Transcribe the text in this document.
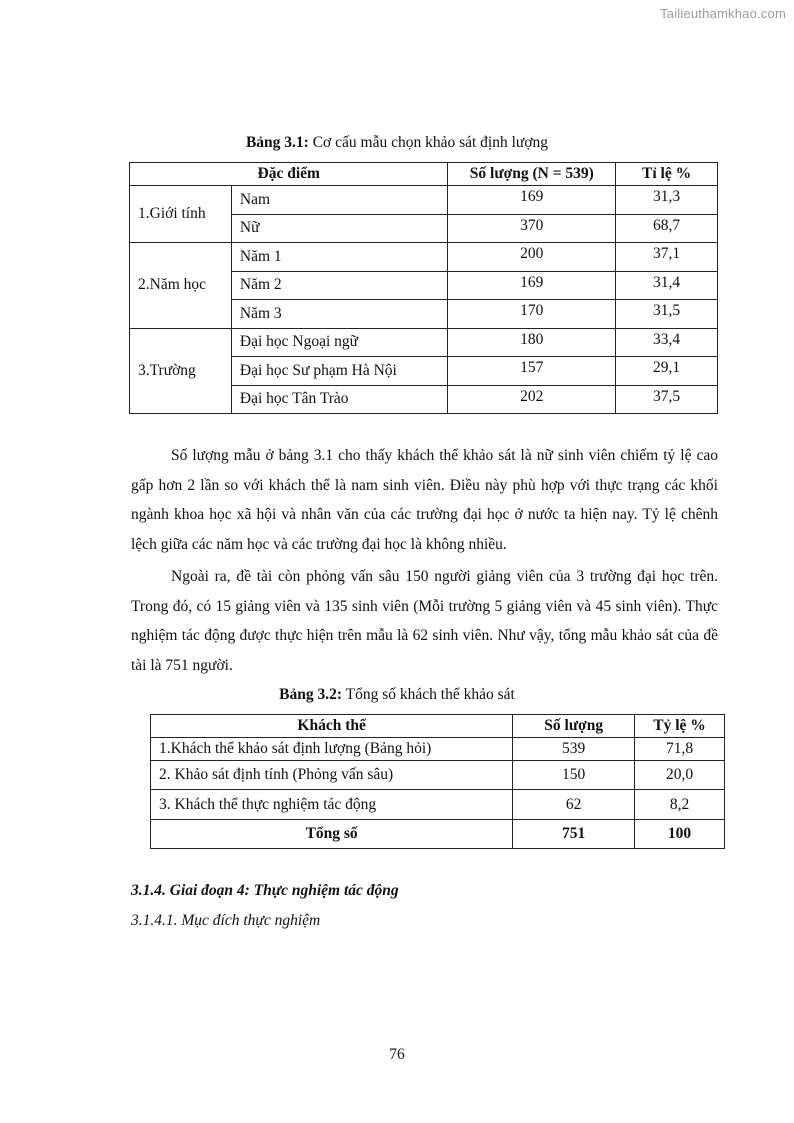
Tailieuthamkhao.com
Bảng 3.1: Cơ cấu mẫu chọn khảo sát định lượng
Đặc điểm		Số lượng (N = 539)	Tỉ lệ %
1.Giới tính	Nam	169	31,3
	Nữ	370	68,7
2.Năm học	Năm 1	200	37,1
	Năm 2	169	31,4
	Năm 3	170	31,5
3.Trường	Đại học Ngoại ngữ	180	33,4
	Đại học Sư phạm Hà Nội	157	29,1
	Đại học Tân Trào	202	37,5

Số lượng mẫu ở bảng 3.1 cho thấy khách thể khảo sát là nữ sinh viên chiếm tỷ lệ cao gấp hơn 2 lần so với khách thể là nam sinh viên. Điều này phù hợp với thực trạng các khối ngành khoa học xã hội và nhân văn của các trường đại học ở nước ta hiện nay. Tỷ lệ chênh lệch giữa các năm học và các trường đại học là không nhiều.

Ngoài ra, đề tài còn phỏng vấn sâu 150 người giảng viên của 3 trường đại học trên. Trong đó, có 15 giảng viên và 135 sinh viên (Mỗi trường 5 giảng viên và 45 sinh viên). Thực nghiệm tác động được thực hiện trên mẫu là 62 sinh viên. Như vậy, tổng mẫu khảo sát của đề tài là 751 người.

Bảng 3.2: Tổng số khách thể khảo sát
Khách thể	Số lượng	Tỷ lệ %
1.Khách thể khảo sát định lượng (Bảng hỏi)	539	71,8
2. Khảo sát định tính (Phỏng vấn sâu)	150	20,0
3. Khách thể thực nghiệm tác động	62	8,2
Tổng số	751	100
3.1.4. Giai đoạn 4: Thực nghiệm tác động
3.1.4.1. Mục đích thực nghiệm
76
